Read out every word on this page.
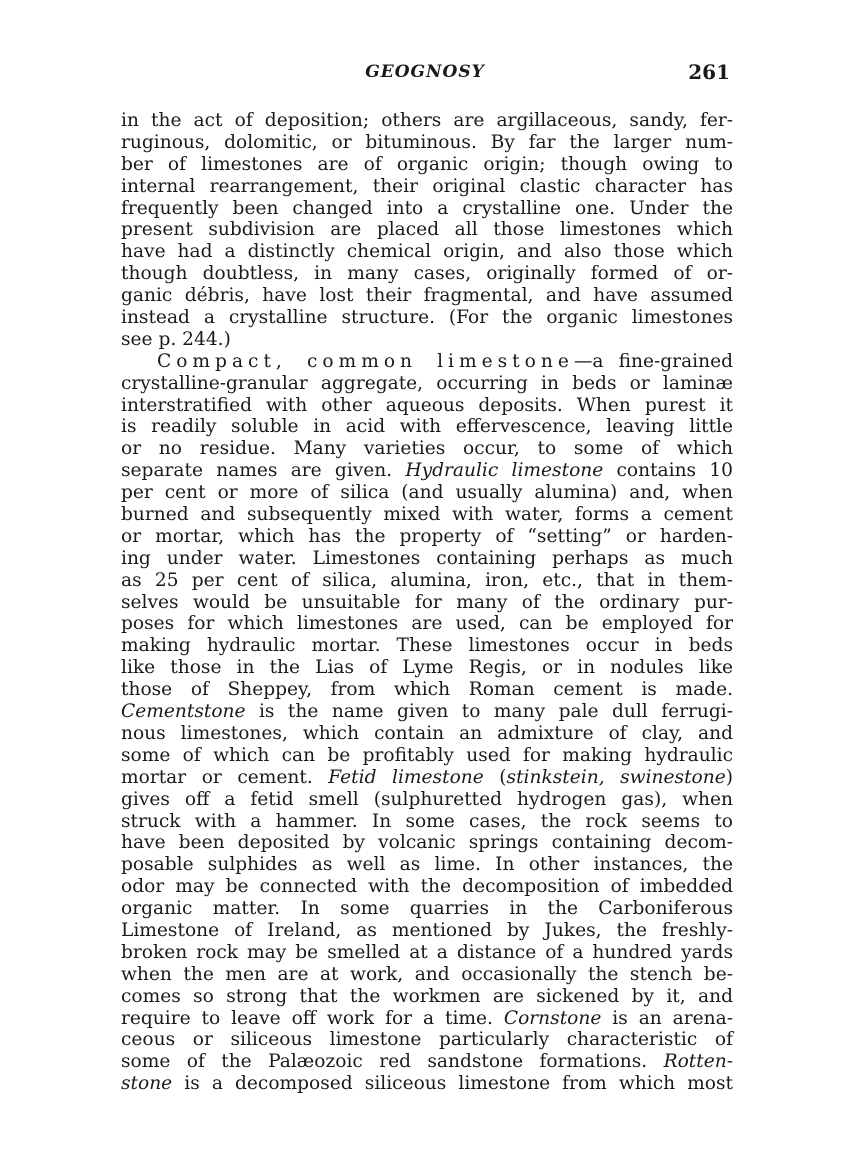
GEOGNOSY	261
in the act of deposition; others are argillaceous, sandy, fer-
ruginous, dolomitic, or bituminous. By far the larger num-
ber of limestones are of organic origin; though owing to
internal rearrangement, their original clastic character has
frequently been changed into a crystalline one. Under the
present subdivision are placed all those limestones which
have had a distinctly chemical origin, and also those which
though doubtless, in many cases, originally formed of or-
ganic débris, have lost their fragmental, and have assumed
instead a crystalline structure. (For the organic limestones
see p. 244.)
Compact, common limestone—a fine-grained
crystalline-granular aggregate, occurring in beds or laminæ
interstratified with other aqueous deposits. When purest it
is readily soluble in acid with effervescence, leaving little
or no residue. Many varieties occur, to some of which
separate names are given. Hydraulic limestone contains 10
per cent or more of silica (and usually alumina) and, when
burned and subsequently mixed with water, forms a cement
or mortar, which has the property of “setting” or harden-
ing under water. Limestones containing perhaps as much
as 25 per cent of silica, alumina, iron, etc., that in them-
selves would be unsuitable for many of the ordinary pur-
poses for which limestones are used, can be employed for
making hydraulic mortar. These limestones occur in beds
like those in the Lias of Lyme Regis, or in nodules like
those of Sheppey, from which Roman cement is made.
Cementstone is the name given to many pale dull ferrugi-
nous limestones, which contain an admixture of clay, and
some of which can be profitably used for making hydraulic
mortar or cement. Fetid limestone (stinkstein, swinestone)
gives off a fetid smell (sulphuretted hydrogen gas), when
struck with a hammer. In some cases, the rock seems to
have been deposited by volcanic springs containing decom-
posable sulphides as well as lime. In other instances, the
odor may be connected with the decomposition of imbedded
organic matter. In some quarries in the Carboniferous
Limestone of Ireland, as mentioned by Jukes, the freshly-
broken rock may be smelled at a distance of a hundred yards
when the men are at work, and occasionally the stench be-
comes so strong that the workmen are sickened by it, and
require to leave off work for a time. Cornstone is an arena-
ceous or siliceous limestone particularly characteristic of
some of the Palæozoic red sandstone formations. Rotten-
stone is a decomposed siliceous limestone from which most
